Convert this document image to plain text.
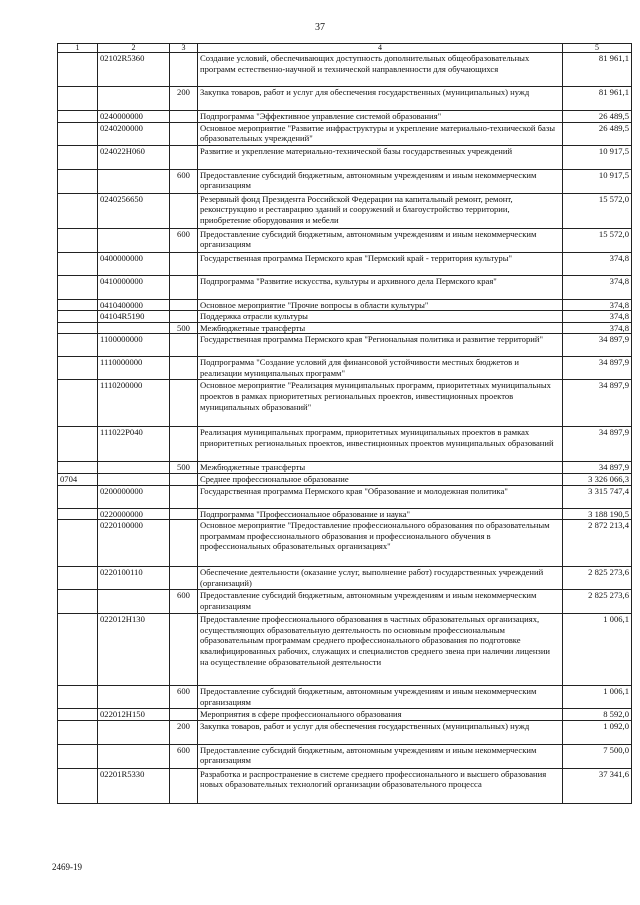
37
1	2	3	4	5
	02102R5360		Создание условий, обеспечивающих доступность дополнительных общеобразовательных программ естественно-научной и технической направленности для обучающихся	81 961,1
		200	Закупка товаров, работ и услуг для обеспечения государственных (муниципальных) нужд	81 961,1
	0240000000		Подпрограмма "Эффективное управление системой образования"	26 489,5
	0240200000		Основное мероприятие "Развитие инфраструктуры и укрепление материально-технической базы образовательных учреждений"	26 489,5
	024022Н060		Развитие и укрепление материально-технической базы государственных учреждений	10 917,5
		600	Предоставление субсидий бюджетным, автономным учреждениям и иным некоммерческим организациям	10 917,5
	0240256650		Резервный фонд Президента Российской Федерации на капитальный ремонт, ремонт, реконструкцию и реставрацию зданий и сооружений и благоустройство территории, приобретение оборудования и мебели	15 572,0
		600	Предоставление субсидий бюджетным, автономным учреждениям и иным некоммерческим организациям	15 572,0
	0400000000		Государственная программа Пермского края "Пермский край - территория культуры"	374,8
	0410000000		Подпрограмма "Развитие искусства, культуры и архивного дела Пермского края"	374,8
	0410400000		Основное мероприятие "Прочие вопросы в области культуры"	374,8
	04104R5190		Поддержка отрасли культуры	374,8
		500	Межбюджетные трансферты	374,8
	1100000000		Государственная программа Пермского края "Региональная политика и развитие территорий"	34 897,9
	1110000000		Подпрограмма "Создание условий для финансовой устойчивости местных бюджетов и реализации муниципальных программ"	34 897,9
	1110200000		Основное мероприятие "Реализация муниципальных программ, приоритетных муниципальных проектов в рамках приоритетных региональных проектов, инвестиционных проектов муниципальных образований"	34 897,9
	111022Р040		Реализация муниципальных программ, приоритетных муниципальных проектов в рамках приоритетных региональных проектов, инвестиционных проектов муниципальных образований	34 897,9
		500	Межбюджетные трансферты	34 897,9
0704			Среднее профессиональное образование	3 326 066,3
	0200000000		Государственная программа Пермского края "Образование и молодежная политика"	3 315 747,4
	0220000000		Подпрограмма "Профессиональное образование и наука"	3 188 190,5
	0220100000		Основное мероприятие "Предоставление профессионального образования по образовательным программам профессионального образования и профессионального обучения в профессиональных образовательных организациях"	2 872 213,4
	0220100110		Обеспечение деятельности (оказание услуг, выполнение работ) государственных учреждений (организаций)	2 825 273,6
		600	Предоставление субсидий бюджетным, автономным учреждениям и иным некоммерческим организациям	2 825 273,6
	022012Н130		Предоставление профессионального образования в частных образовательных организациях, осуществляющих образовательную деятельность по основным профессиональным образовательным программам среднего профессионального образования по подготовке квалифицированных рабочих, служащих и специалистов среднего звена при наличии лицензии на осуществление образовательной деятельности	1 006,1
		600	Предоставление субсидий бюджетным, автономным учреждениям и иным некоммерческим организациям	1 006,1
	022012Н150		Мероприятия в сфере профессионального образования	8 592,0
		200	Закупка товаров, работ и услуг для обеспечения государственных (муниципальных) нужд	1 092,0
		600	Предоставление субсидий бюджетным, автономным учреждениям и иным некоммерческим организациям	7 500,0
	02201R5330		Разработка и распространение в системе среднего профессионального и высшего образования новых образовательных технологий организации образовательного процесса	37 341,6
2469-19
